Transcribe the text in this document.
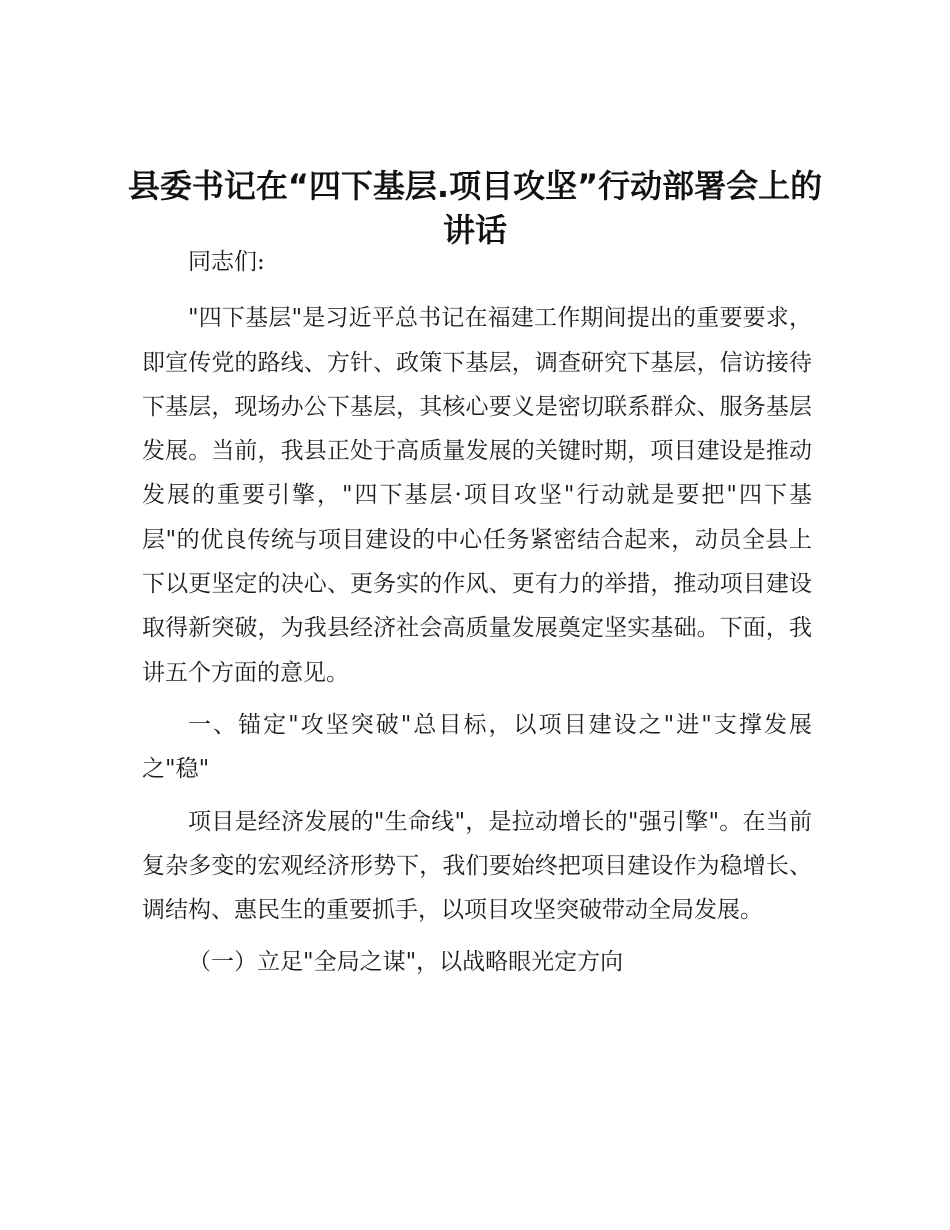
县委书记在“四下基层.项目攻坚”行动部署会上的讲话

同志们:

"四下基层"是习近平总书记在福建工作期间提出的重要要求，即宣传党的路线、方针、政策下基层，调查研究下基层，信访接待下基层，现场办公下基层，其核心要义是密切联系群众、服务基层发展。当前，我县正处于高质量发展的关键时期，项目建设是推动发展的重要引擎，"四下基层·项目攻坚"行动就是要把"四下基层"的优良传统与项目建设的中心任务紧密结合起来，动员全县上下以更坚定的决心、更务实的作风、更有力的举措，推动项目建设取得新突破，为我县经济社会高质量发展奠定坚实基础。下面，我讲五个方面的意见。

一、锚定"攻坚突破"总目标，以项目建设之"进"支撑发展之"稳"

项目是经济发展的"生命线"，是拉动增长的"强引擎"。在当前复杂多变的宏观经济形势下，我们要始终把项目建设作为稳增长、调结构、惠民生的重要抓手，以项目攻坚突破带动全局发展。

（一）立足"全局之谋"，以战略眼光定方向
